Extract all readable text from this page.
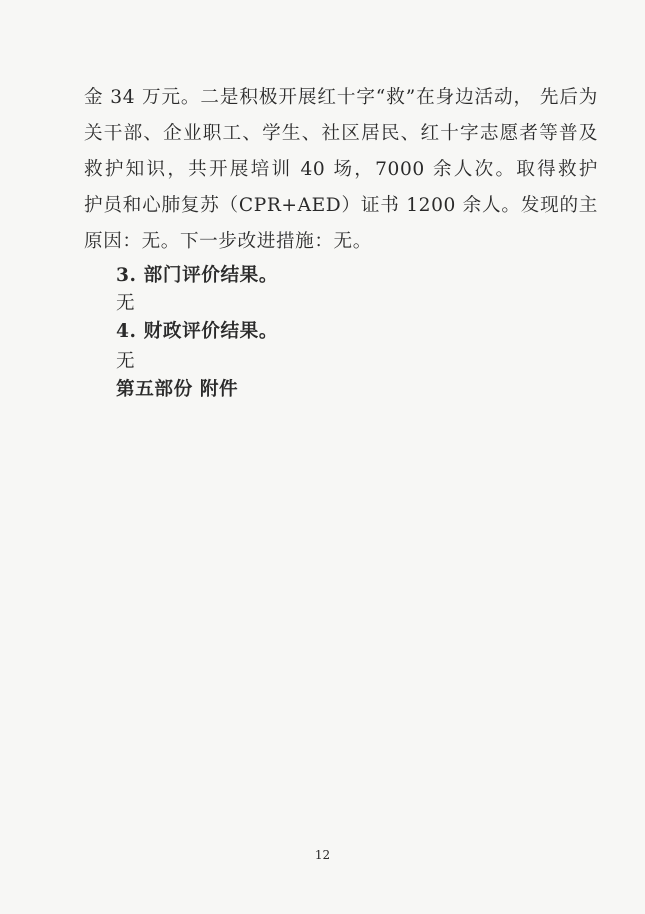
金 34 万元。二是积极开展红十字“救”在身边活动， 先后为
关干部、企业职工、学生、社区居民、红十字志愿者等普及
救护知识，共开展培训 40 场，7000 余人次。取得救护
护员和心肺复苏（CPR+AED）证书 1200 余人。发现的主
原因：无。下一步改进措施：无。
3. 部门评价结果。
无
4. 财政评价结果。
无
第五部份 附件
12
